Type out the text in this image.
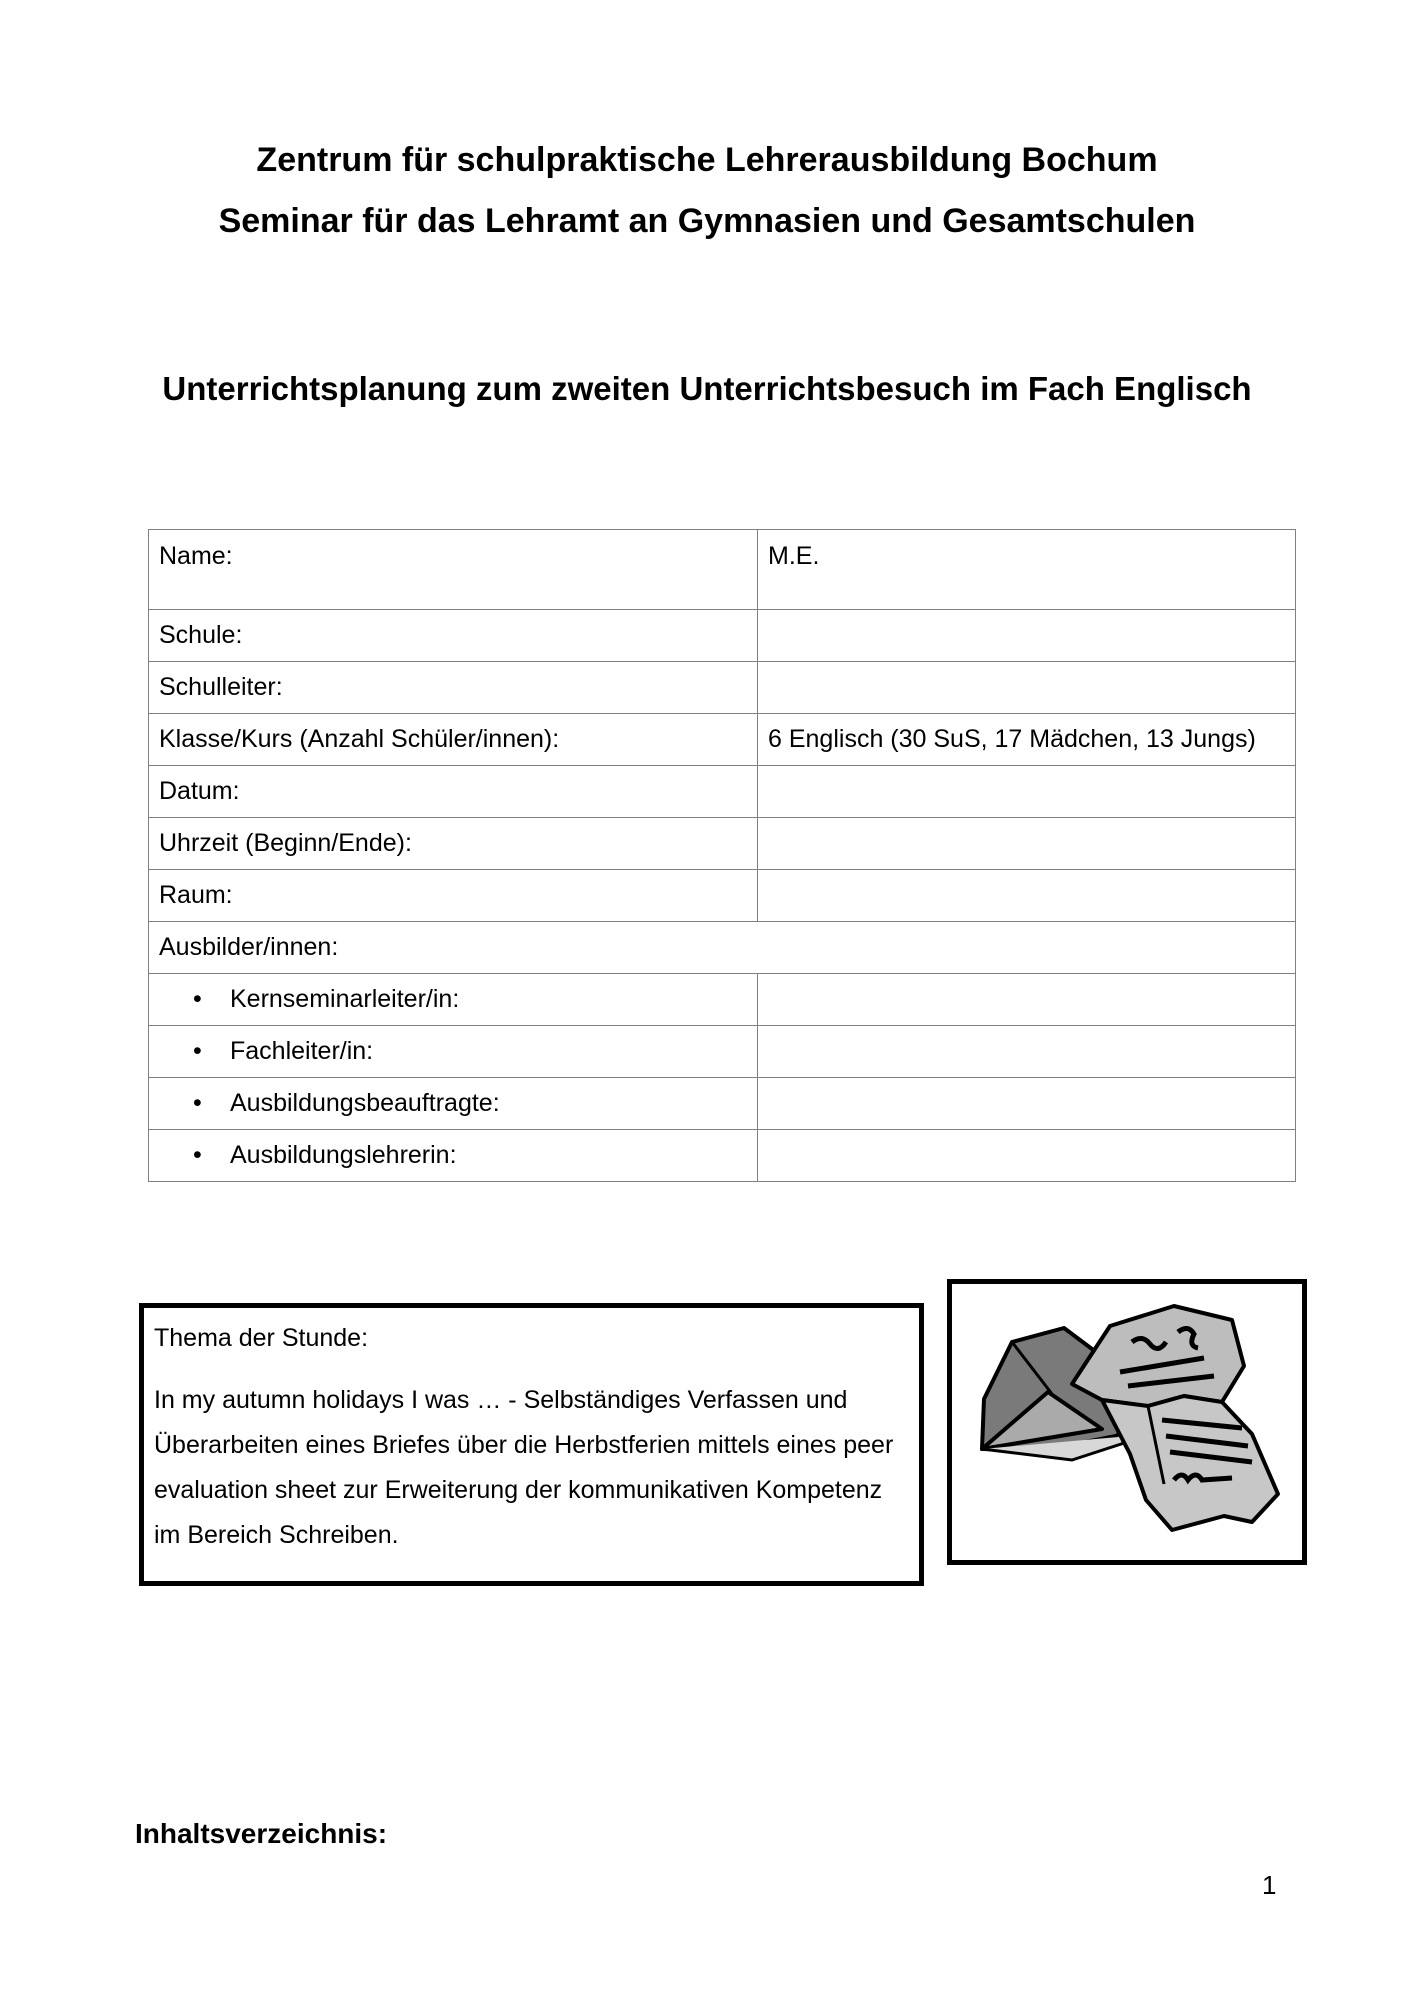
Zentrum für schulpraktische Lehrerausbildung Bochum
Seminar für das Lehramt an Gymnasien und Gesamtschulen
Unterrichtsplanung zum zweiten Unterrichtsbesuch im Fach Englisch
Name:	M.E.
Schule:	
Schulleiter:	
Klasse/Kurs (Anzahl Schüler/innen):	6 Englisch (30 SuS, 17 Mädchen, 13 Jungs)
Datum:	
Uhrzeit (Beginn/Ende):	
Raum:	
Ausbilder/innen:	
• Kernseminarleiter/in:	
• Fachleiter/in:	
• Ausbildungsbeauftragte:	
• Ausbildungslehrerin:	
Thema der Stunde:
In my autumn holidays I was … - Selbständiges Verfassen und Überarbeiten eines Briefes über die Herbstferien mittels eines peer evaluation sheet zur Erweiterung der kommunikativen Kompetenz im Bereich Schreiben.
Inhaltsverzeichnis:
1
